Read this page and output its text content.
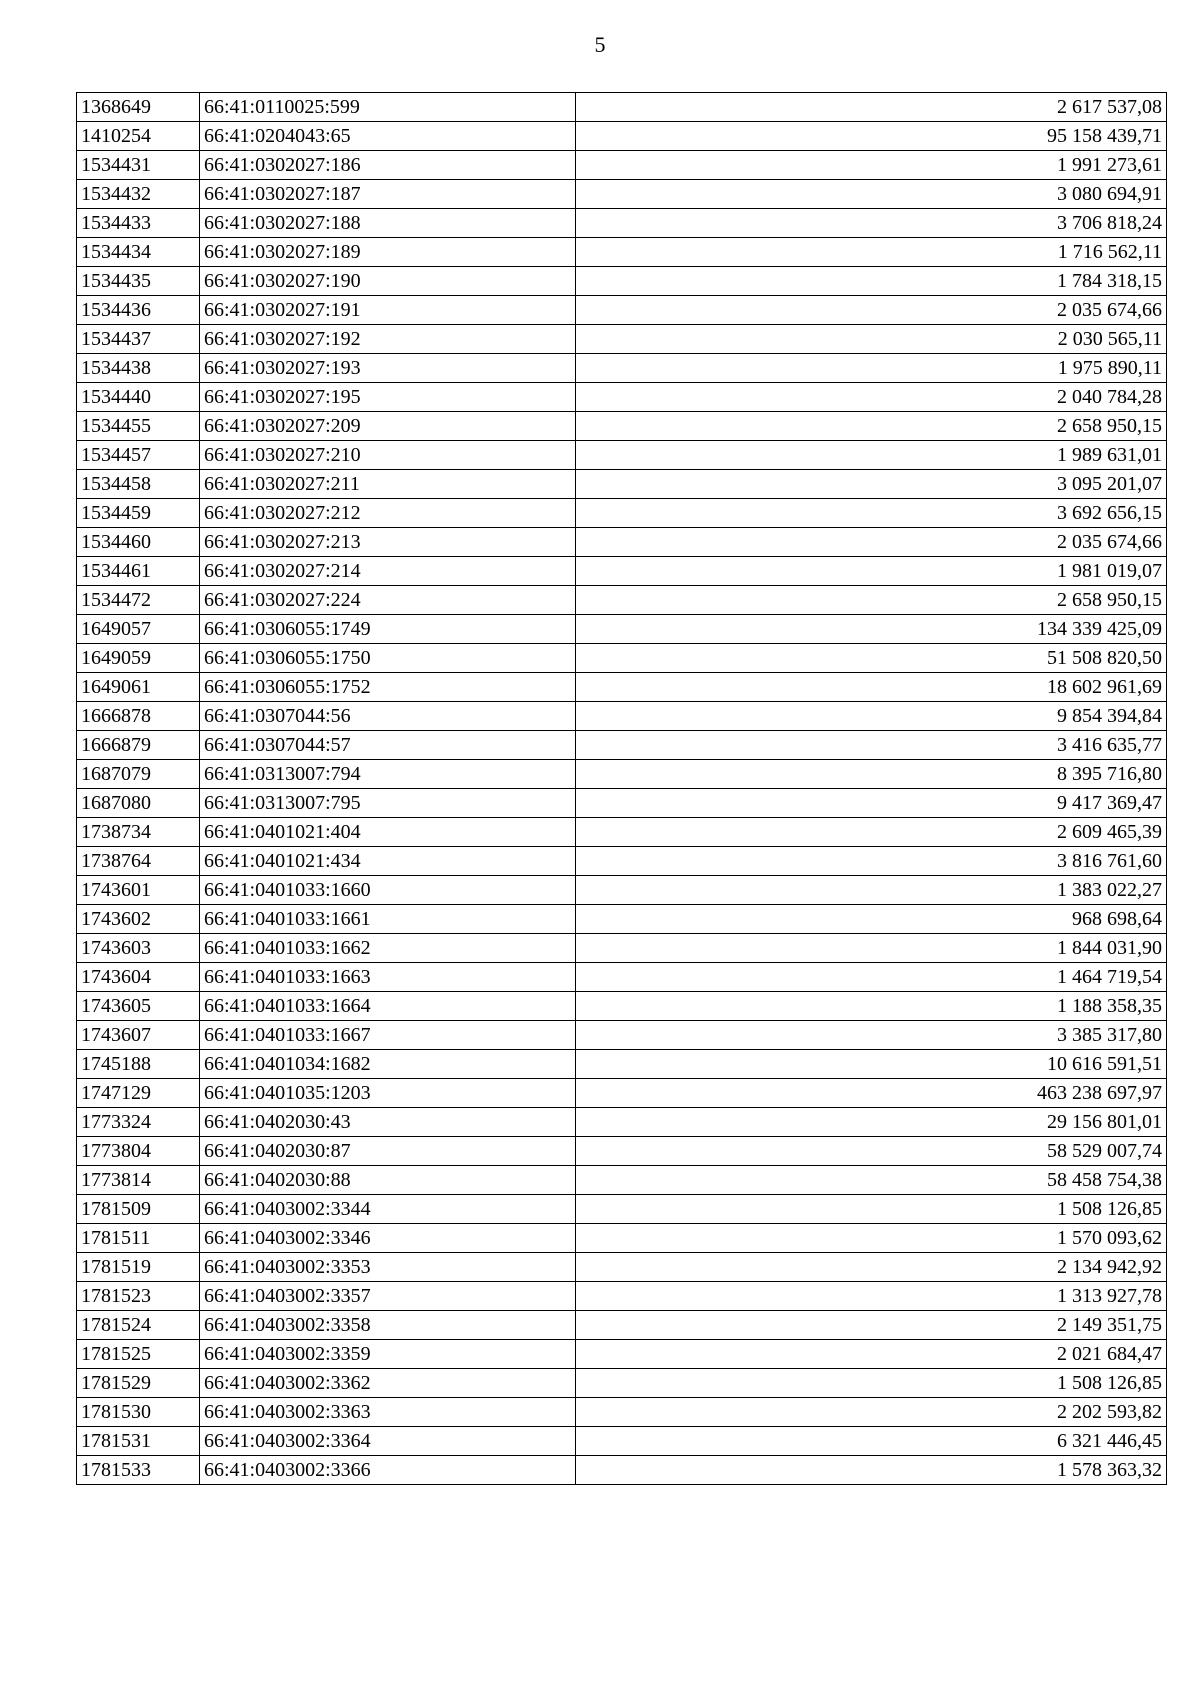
5
1368649	66:41:0110025:599	2 617 537,08
1410254	66:41:0204043:65	95 158 439,71
1534431	66:41:0302027:186	1 991 273,61
1534432	66:41:0302027:187	3 080 694,91
1534433	66:41:0302027:188	3 706 818,24
1534434	66:41:0302027:189	1 716 562,11
1534435	66:41:0302027:190	1 784 318,15
1534436	66:41:0302027:191	2 035 674,66
1534437	66:41:0302027:192	2 030 565,11
1534438	66:41:0302027:193	1 975 890,11
1534440	66:41:0302027:195	2 040 784,28
1534455	66:41:0302027:209	2 658 950,15
1534457	66:41:0302027:210	1 989 631,01
1534458	66:41:0302027:211	3 095 201,07
1534459	66:41:0302027:212	3 692 656,15
1534460	66:41:0302027:213	2 035 674,66
1534461	66:41:0302027:214	1 981 019,07
1534472	66:41:0302027:224	2 658 950,15
1649057	66:41:0306055:1749	134 339 425,09
1649059	66:41:0306055:1750	51 508 820,50
1649061	66:41:0306055:1752	18 602 961,69
1666878	66:41:0307044:56	9 854 394,84
1666879	66:41:0307044:57	3 416 635,77
1687079	66:41:0313007:794	8 395 716,80
1687080	66:41:0313007:795	9 417 369,47
1738734	66:41:0401021:404	2 609 465,39
1738764	66:41:0401021:434	3 816 761,60
1743601	66:41:0401033:1660	1 383 022,27
1743602	66:41:0401033:1661	968 698,64
1743603	66:41:0401033:1662	1 844 031,90
1743604	66:41:0401033:1663	1 464 719,54
1743605	66:41:0401033:1664	1 188 358,35
1743607	66:41:0401033:1667	3 385 317,80
1745188	66:41:0401034:1682	10 616 591,51
1747129	66:41:0401035:1203	463 238 697,97
1773324	66:41:0402030:43	29 156 801,01
1773804	66:41:0402030:87	58 529 007,74
1773814	66:41:0402030:88	58 458 754,38
1781509	66:41:0403002:3344	1 508 126,85
1781511	66:41:0403002:3346	1 570 093,62
1781519	66:41:0403002:3353	2 134 942,92
1781523	66:41:0403002:3357	1 313 927,78
1781524	66:41:0403002:3358	2 149 351,75
1781525	66:41:0403002:3359	2 021 684,47
1781529	66:41:0403002:3362	1 508 126,85
1781530	66:41:0403002:3363	2 202 593,82
1781531	66:41:0403002:3364	6 321 446,45
1781533	66:41:0403002:3366	1 578 363,32
